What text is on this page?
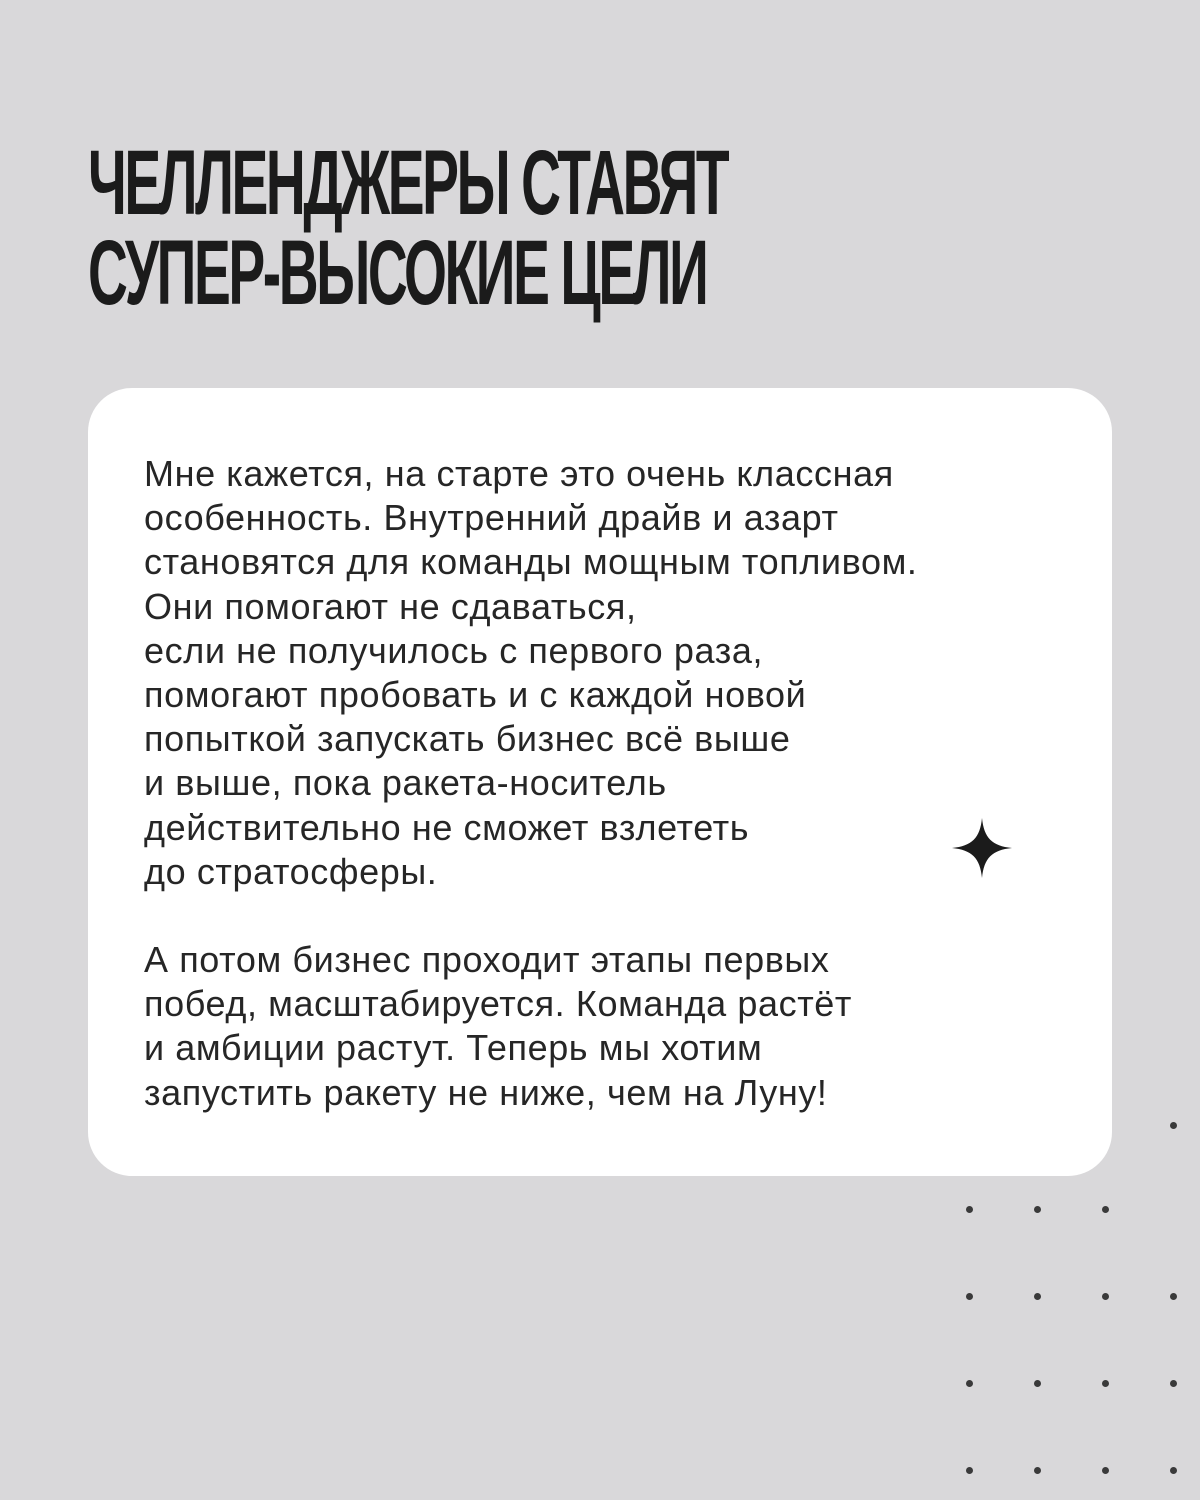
ЧЕЛЛЕНДЖЕРЫ СТАВЯТ
СУПЕР-ВЫСОКИЕ ЦЕЛИ

Мне кажется, на старте это очень классная
особенность. Внутренний драйв и азарт
становятся для команды мощным топливом.
Они помогают не сдаваться,
если не получилось с первого раза,
помогают пробовать и с каждой новой
попыткой запускать бизнес всё выше
и выше, пока ракета-носитель
действительно не сможет взлететь
до стратосферы.

А потом бизнес проходит этапы первых
побед, масштабируется. Команда растёт
и амбиции растут. Теперь мы хотим
запустить ракету не ниже, чем на Луну!
